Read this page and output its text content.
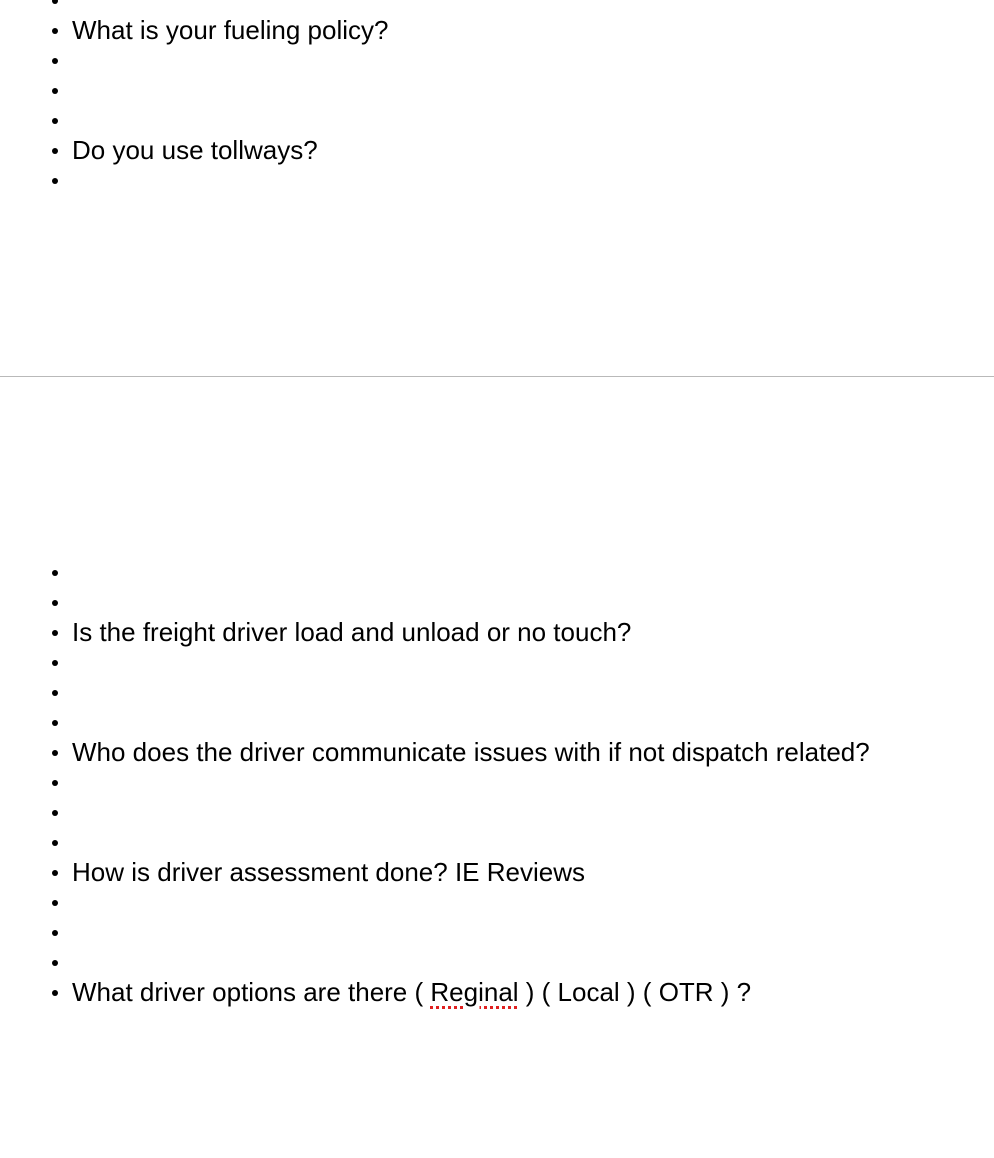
What is your fueling policy?
Do you use tollways?
Is the freight driver load and unload or no touch?
Who does the driver communicate issues with if not dispatch related?
How is driver assessment done? IE Reviews
What driver options are there ( Reginal ) ( Local ) ( OTR ) ?
